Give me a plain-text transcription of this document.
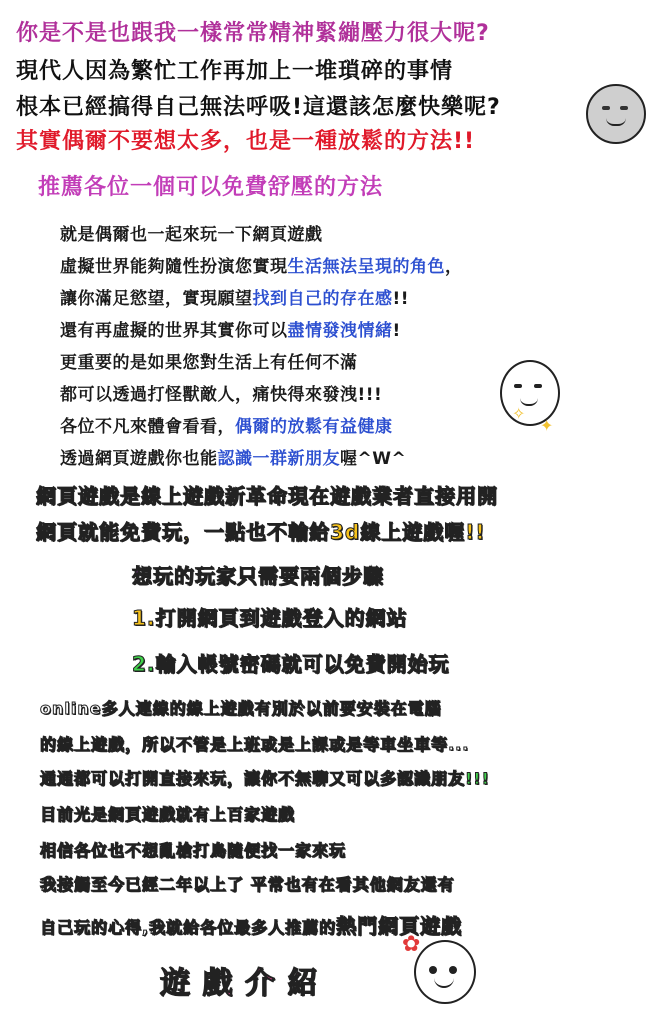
你是不是也跟我一樣常常精神緊繃壓力很大呢?
現代人因為繁忙工作再加上一堆瑣碎的事情
根本已經搞得自己無法呼吸!這還該怎麼快樂呢?
其實偶爾不要想太多，也是一種放鬆的方法!!
推薦各位一個可以免費舒壓的方法
就是偶爾也一起來玩一下網頁遊戲
虛擬世界能夠隨性扮演您實現生活無法呈現的角色，
讓你滿足慾望，實現願望找到自己的存在感!!
還有再虛擬的世界其實你可以盡情發洩情緒!
更重要的是如果您對生活上有任何不滿
都可以透過打怪獸敵人，痛快得來發洩!!!
各位不凡來體會看看，偶爾的放鬆有益健康
透過網頁遊戲你也能認識一群新朋友喔^W^
✦
✧
網頁遊戲是線上遊戲新革命現在遊戲業者直接用開
網頁就能免費玩，一點也不輸給3d線上遊戲喔!!
想玩的玩家只需要兩個步驟
1.打開網頁到遊戲登入的網站
2.輸入帳號密碼就可以免費開始玩
online多人連線的線上遊戲有別於以前要安裝在電腦
的線上遊戲，所以不管是上班或是上課或是等車坐車等...
通通都可以打開直接來玩，讓你不無聊又可以多認識朋友!!!
目前光是網頁遊戲就有上百家遊戲
相信各位也不想亂槍打鳥隨便找一家來玩
我接觸至今已經二年以上了 平常也有在看其他網友還有
自己玩的心得,我就給各位最多人推薦的熱門網頁遊戲
遊 戲 介 紹
✿
